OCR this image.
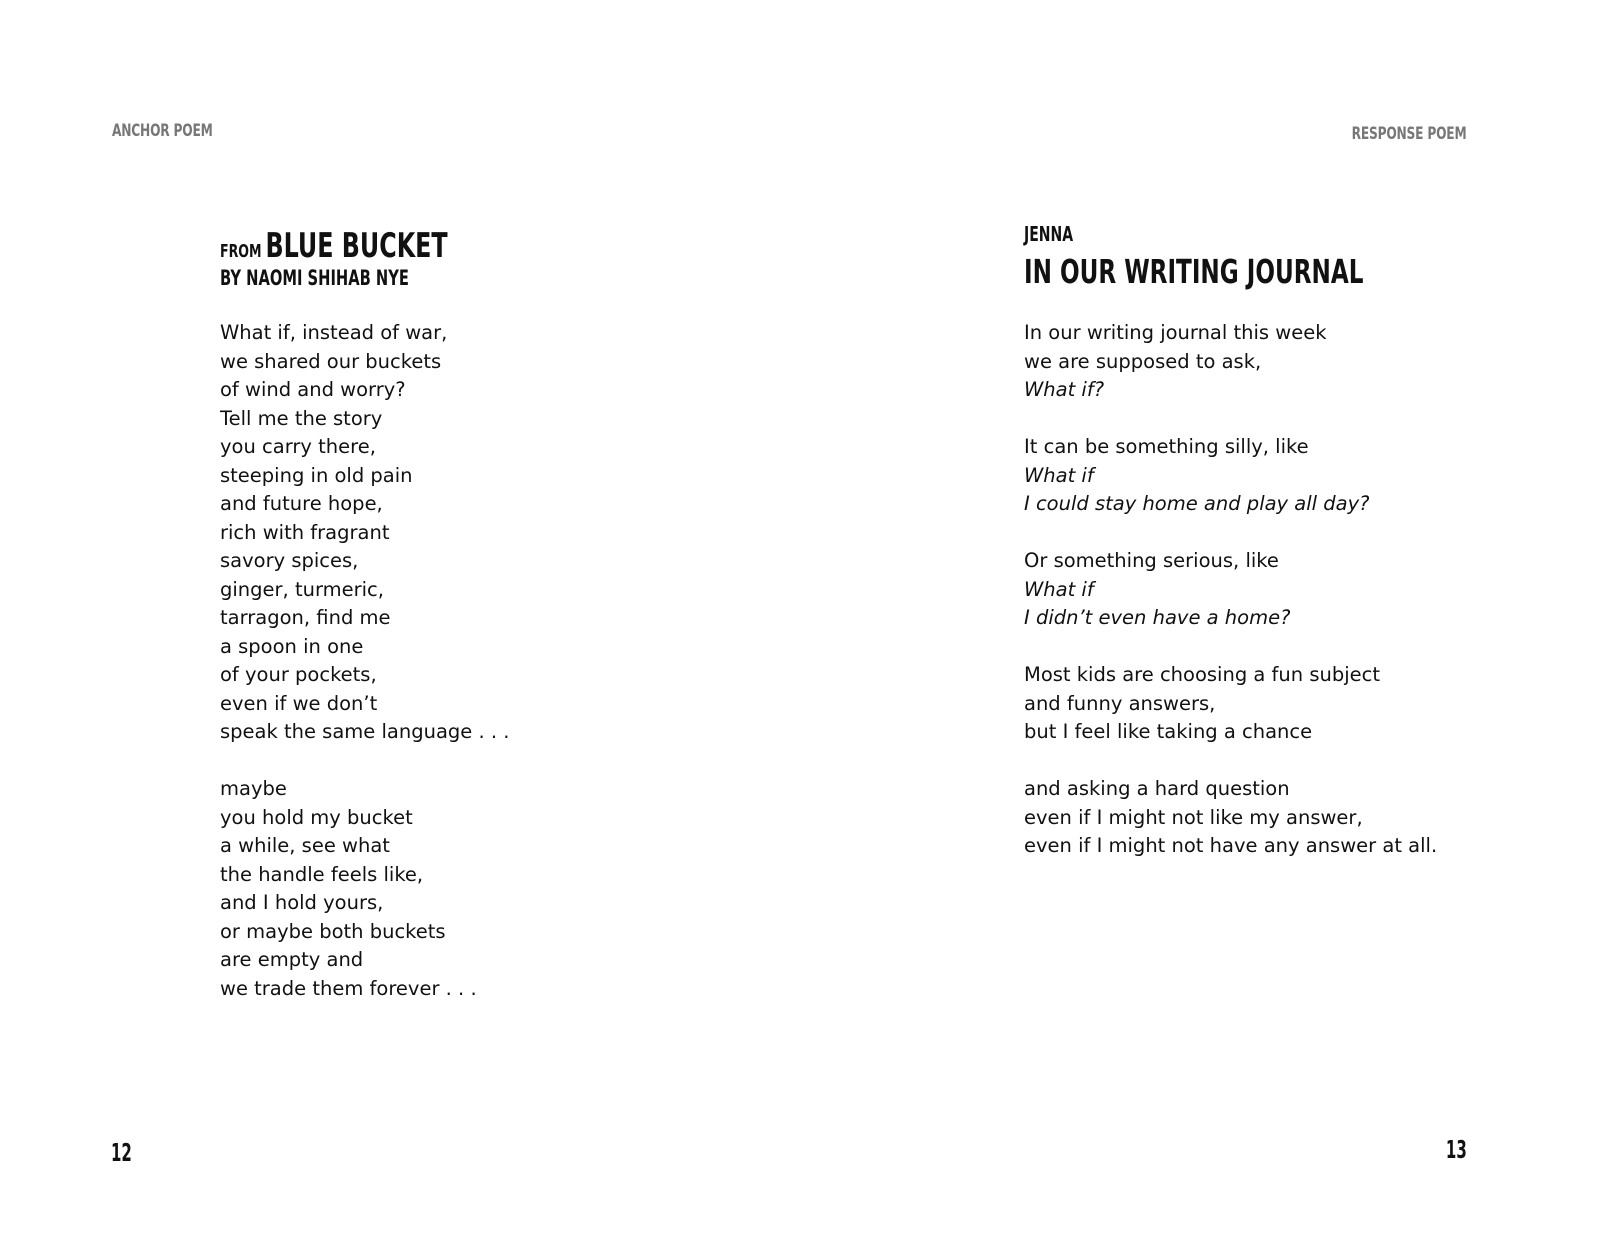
ANCHOR POEM
FROM BLUE BUCKET
BY NAOMI SHIHAB NYE
What if, instead of war,
we shared our buckets
of wind and worry?
Tell me the story
you carry there,
steeping in old pain
and future hope,
rich with fragrant
savory spices,
ginger, turmeric,
tarragon, find me
a spoon in one
of your pockets,
even if we don’t
speak the same language . . .
maybe
you hold my bucket
a while, see what
the handle feels like,
and I hold yours,
or maybe both buckets
are empty and
we trade them forever . . .
12
RESPONSE POEM
JENNA
IN OUR WRITING JOURNAL
In our writing journal this week
we are supposed to ask,
What if?
It can be something silly, like
What if
I could stay home and play all day?
Or something serious, like
What if
I didn’t even have a home?
Most kids are choosing a fun subject
and funny answers,
but I feel like taking a chance
and asking a hard question
even if I might not like my answer,
even if I might not have any answer at all.
13
